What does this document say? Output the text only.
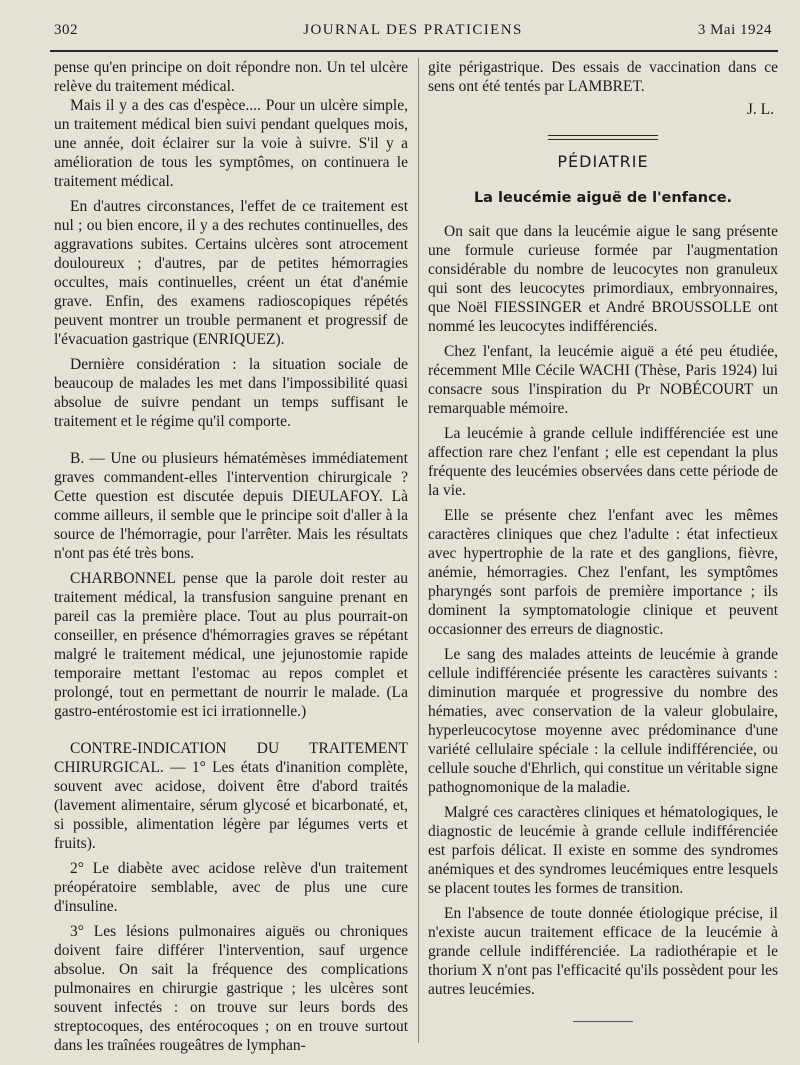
302	JOURNAL DES PRATICIENS	3 Mai 1924

pense qu'en principe on doit répondre non. Un tel ulcère relève du traitement médical.

Mais il y a des cas d'espèce.... Pour un ulcère simple, un traitement médical bien suivi pendant quelques mois, une année, doit éclairer sur la voie à suivre. S'il y a amélioration de tous les symptômes, on continuera le traitement médical.

En d'autres circonstances, l'effet de ce traitement est nul ; ou bien encore, il y a des rechutes continuelles, des aggravations subites. Certains ulcères sont atrocement douloureux ; d'autres, par de petites hémorragies occultes, mais continuelles, créent un état d'anémie grave. Enfin, des examens radioscopiques répétés peuvent montrer un trouble permanent et progressif de l'évacuation gastrique (ENRIQUEZ).

Dernière considération : la situation sociale de beaucoup de malades les met dans l'impossibilité quasi absolue de suivre pendant un temps suffisant le traitement et le régime qu'il comporte.

B. — Une ou plusieurs hématémèses immédiatement graves commandent-elles l'intervention chirurgicale ? Cette question est discutée depuis DIEULAFOY. Là comme ailleurs, il semble que le principe soit d'aller à la source de l'hémorragie, pour l'arrêter. Mais les résultats n'ont pas été très bons.

CHARBONNEL pense que la parole doit rester au traitement médical, la transfusion sanguine prenant en pareil cas la première place. Tout au plus pourrait-on conseiller, en présence d'hémorragies graves se répétant malgré le traitement médical, une jejunostomie rapide temporaire mettant l'estomac au repos complet et prolongé, tout en permettant de nourrir le malade. (La gastro-entérostomie est ici irrationnelle.)

CONTRE-INDICATION DU TRAITEMENT CHIRURGICAL. — 1° Les états d'inanition complète, souvent avec acidose, doivent être d'abord traités (lavement alimentaire, sérum glycosé et bicarbonaté, et, si possible, alimentation légère par légumes verts et fruits).

2° Le diabète avec acidose relève d'un traitement préopératoire semblable, avec de plus une cure d'insuline.

3° Les lésions pulmonaires aiguës ou chroniques doivent faire différer l'intervention, sauf urgence absolue. On sait la fréquence des complications pulmonaires en chirurgie gastrique ; les ulcères sont souvent infectés : on trouve sur leurs bords des streptocoques, des entérocoques ; on en trouve surtout dans les traînées rougeâtres de lymphan-

gite périgastrique. Des essais de vaccination dans ce sens ont été tentés par LAMBRET.

J. L.

PÉDIATRIE

La leucémie aiguë de l'enfance.

On sait que dans la leucémie aigue le sang présente une formule curieuse formée par l'augmentation considérable du nombre de leucocytes non granuleux qui sont des leucocytes primordiaux, embryonnaires, que Noël FIESSINGER et André BROUSSOLLE ont nommé les leucocytes indifférenciés.

Chez l'enfant, la leucémie aiguë a été peu étudiée, récemment Mlle Cécile WACHI (Thèse, Paris 1924) lui consacre sous l'inspiration du Pr NOBÉCOURT un remarquable mémoire.

La leucémie à grande cellule indifférenciée est une affection rare chez l'enfant ; elle est cependant la plus fréquente des leucémies observées dans cette période de la vie.

Elle se présente chez l'enfant avec les mêmes caractères cliniques que chez l'adulte : état infectieux avec hypertrophie de la rate et des ganglions, fièvre, anémie, hémorragies. Chez l'enfant, les symptômes pharyngés sont parfois de première importance ; ils dominent la symptomatologie clinique et peuvent occasionner des erreurs de diagnostic.

Le sang des malades atteints de leucémie à grande cellule indifférenciée présente les caractères suivants : diminution marquée et progressive du nombre des hématies, avec conservation de la valeur globulaire, hyperleucocytose moyenne avec prédominance d'une variété cellulaire spéciale : la cellule indifférenciée, ou cellule souche d'Ehrlich, qui constitue un véritable signe pathognomonique de la maladie.

Malgré ces caractères cliniques et hématologiques, le diagnostic de leucémie à grande cellule indifférenciée est parfois délicat. Il existe en somme des syndromes anémiques et des syndromes leucémiques entre lesquels se placent toutes les formes de transition.

En l'absence de toute donnée étiologique précise, il n'existe aucun traitement efficace de la leucémie à grande cellule indifférenciée. La radiothérapie et le thorium X n'ont pas l'efficacité qu'ils possèdent pour les autres leucémies.
